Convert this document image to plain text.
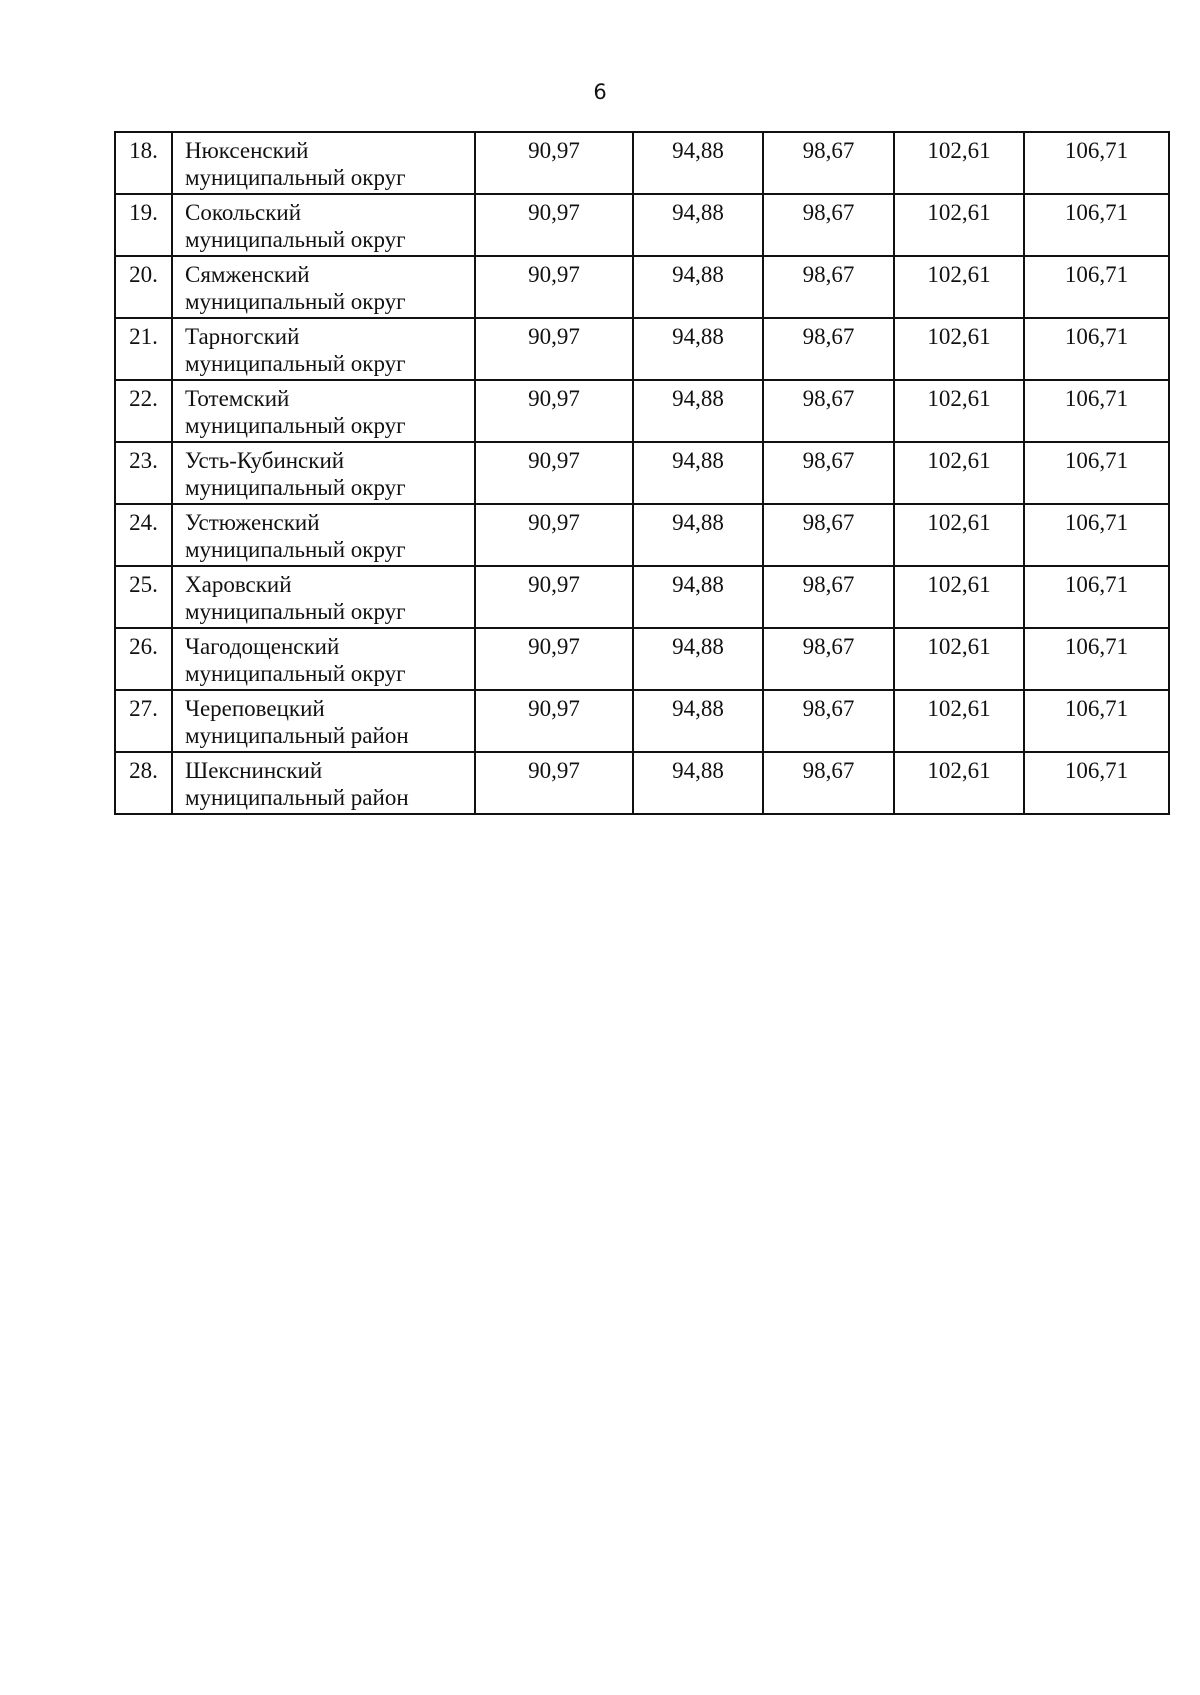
6
18.	Нюксенский
муниципальный округ	90,97	94,88	98,67	102,61	106,71
19.	Сокольский
муниципальный округ	90,97	94,88	98,67	102,61	106,71
20.	Сямженский
муниципальный округ	90,97	94,88	98,67	102,61	106,71
21.	Тарногский
муниципальный округ	90,97	94,88	98,67	102,61	106,71
22.	Тотемский
муниципальный округ	90,97	94,88	98,67	102,61	106,71
23.	Усть-Кубинский
муниципальный округ	90,97	94,88	98,67	102,61	106,71
24.	Устюженский
муниципальный округ	90,97	94,88	98,67	102,61	106,71
25.	Харовский
муниципальный округ	90,97	94,88	98,67	102,61	106,71
26.	Чагодощенский
муниципальный округ	90,97	94,88	98,67	102,61	106,71
27.	Череповецкий
муниципальный район	90,97	94,88	98,67	102,61	106,71
28.	Шекснинский
муниципальный район	90,97	94,88	98,67	102,61	106,71
